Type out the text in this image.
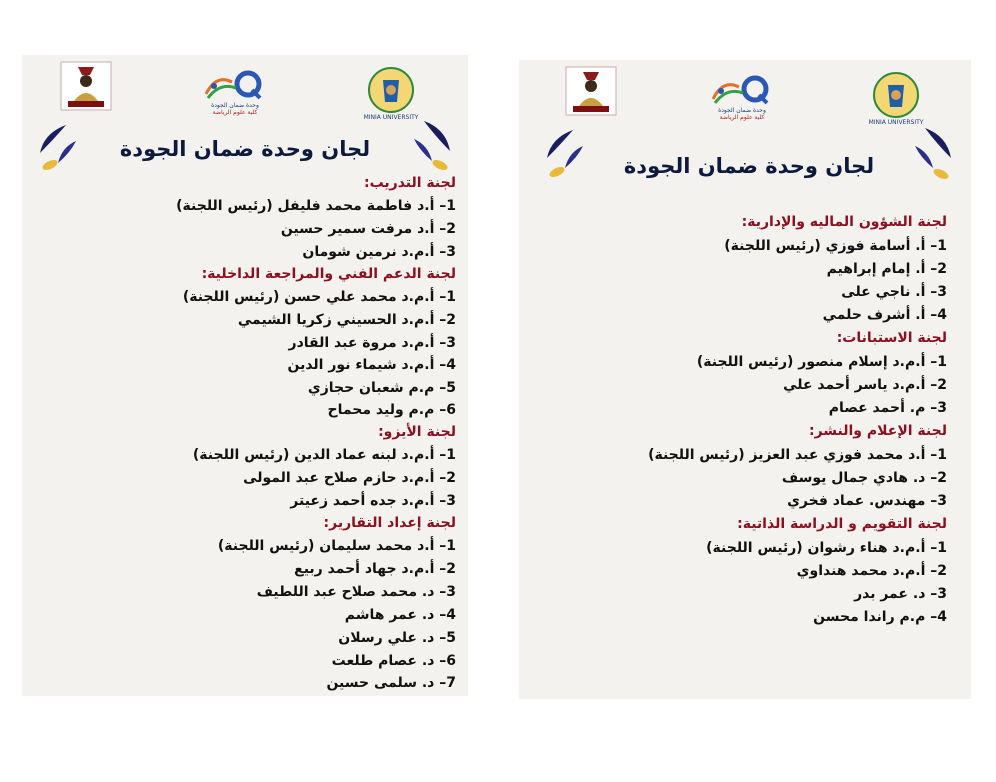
وحدة ضمان الجودة
كلية علوم الرياضة
MINIA UNIVERSITY
لجان وحدة ضمان الجودة
لجنة التدريب:
1– أ.د فاطمة محمد فليفل (رئيس اللجنة)
2– أ.د مرفت سمير حسين
3– أ.م.د نرمين شومان
لجنة الدعم الفني والمراجعة الداخلية:
1– أ.م.د محمد علي حسن (رئيس اللجنة)
2– أ.م.د الحسيني زكريا الشيمي
3– أ.م.د مروة عبد القادر
4– أ.م.د شيماء نور الدين
5– م.م شعبان حجازي
6– م.م وليد محماح
لجنة الأيزو:
1– أ.م.د لبنه عماد الدين (رئيس اللجنة)
2– أ.م.د حازم صلاح عبد المولى
3– أ.م.د جده أحمد زعيتر
لجنة إعداد التقارير:
1– أ.د محمد سليمان (رئيس اللجنة)
2– أ.م.د جهاد أحمد ربيع
3– د. محمد صلاح عبد اللطيف
4– د. عمر هاشم
5– د. علي رسلان
6– د. عصام طلعت
7– د. سلمى حسين
وحدة ضمان الجودة
كلية علوم الرياضة
MINIA UNIVERSITY
لجان وحدة ضمان الجودة
لجنة الشؤون الماليه والإدارية:
1– أ. أسامة فوزي (رئيس اللجنة)
2– أ. إمام إبراهيم
3– أ. ناجي على
4– أ. أشرف حلمي
لجنة الاستبانات:
1– أ.م.د إسلام منصور (رئيس اللجنة)
2– أ.م.د ياسر أحمد علي
3– م. أحمد عصام
لجنة الإعلام والنشر:
1– أ.د محمد فوزي عبد العزيز (رئيس اللجنة)
2– د. هادي جمال يوسف
3– مهندس. عماد فخري
لجنة التقويم و الدراسة الذاتية:
1– أ.م.د هناء رشوان (رئيس اللجنة)
2– أ.م.د محمد هنداوي
3– د. عمر بدر
4– م.م راندا محسن
